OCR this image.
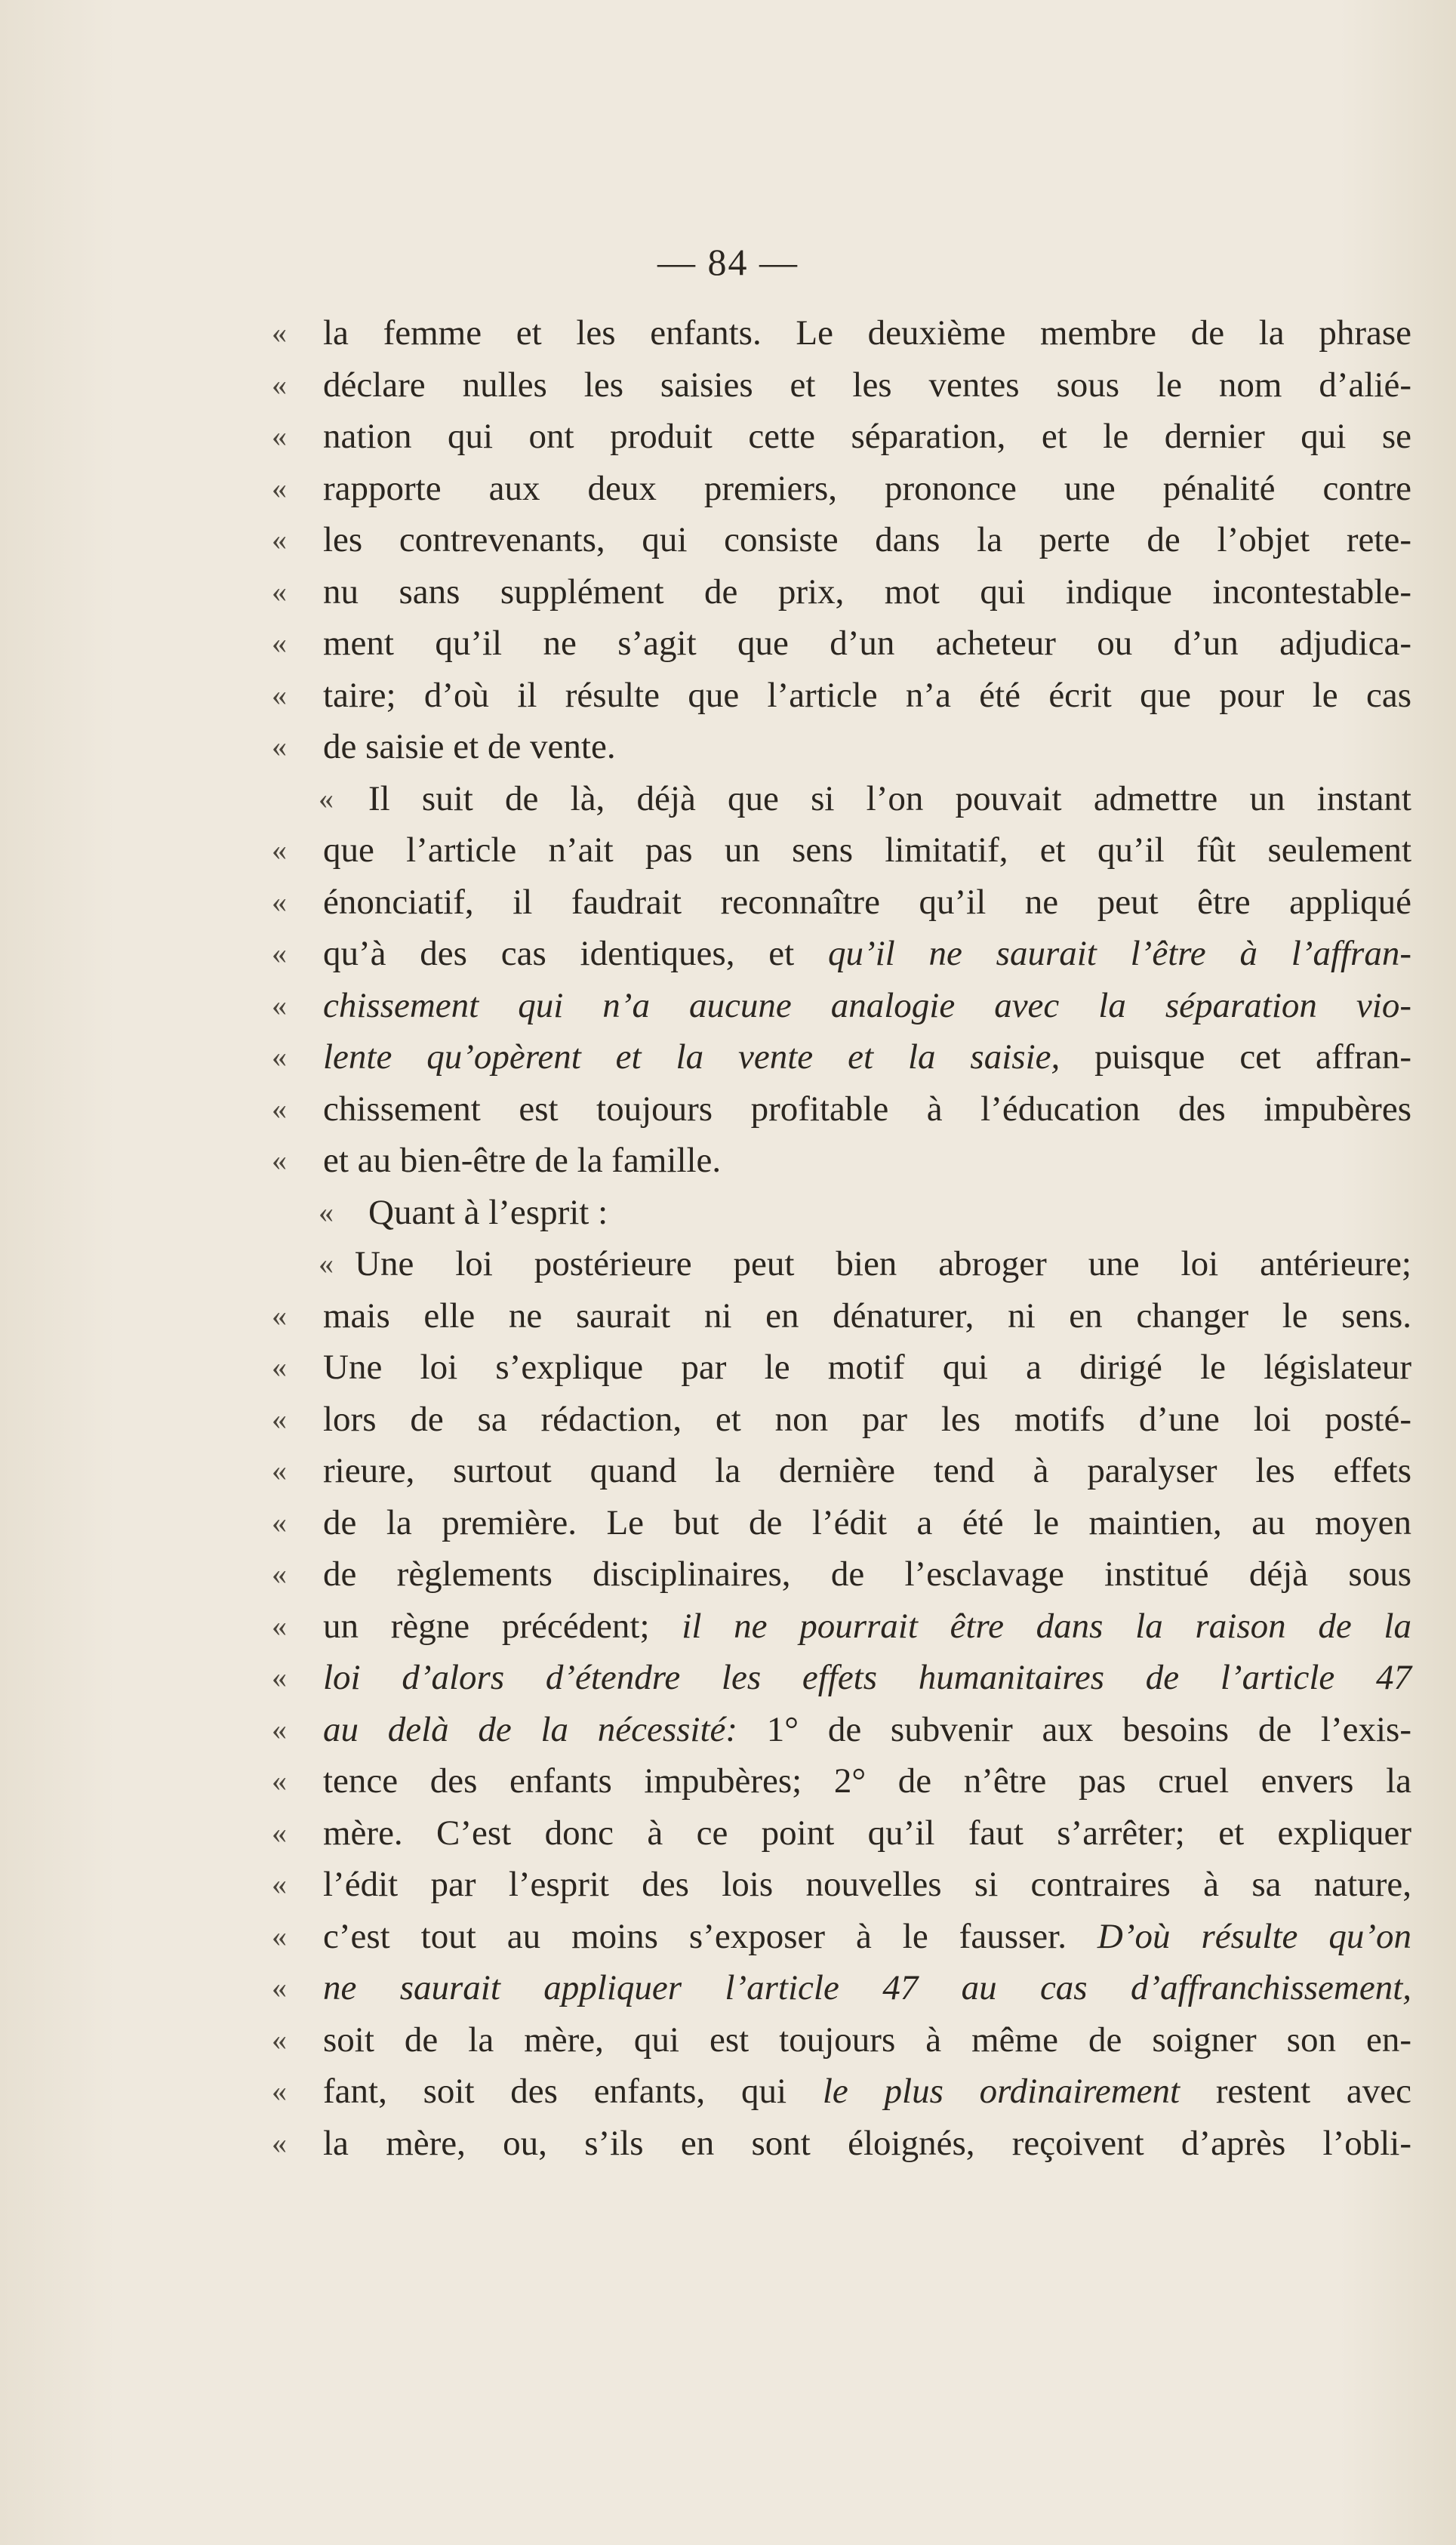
— 84 —
« la femme et les enfants. Le deuxième membre de la phrase
« déclare nulles les saisies et les ventes sous le nom d’alié-
« nation qui ont produit cette séparation, et le dernier qui se
« rapporte aux deux premiers, prononce une pénalité contre
« les contrevenants, qui consiste dans la perte de l’objet rete-
« nu sans supplément de prix, mot qui indique incontestable-
« ment qu’il ne s’agit que d’un acheteur ou d’un adjudica-
« taire; d’où il résulte que l’article n’a été écrit que pour le cas
« de saisie et de vente.
« Il suit de là, déjà que si l’on pouvait admettre un instant
« que l’article n’ait pas un sens limitatif, et qu’il fût seulement
« énonciatif, il faudrait reconnaître qu’il ne peut être appliqué
« qu’à des cas identiques, et qu’il ne saurait l’être à l’affran-
« chissement qui n’a aucune analogie avec la séparation vio-
« lente qu’opèrent et la vente et la saisie, puisque cet affran-
« chissement est toujours profitable à l’éducation des impubères
« et au bien-être de la famille.
« Quant à l’esprit :
« Une loi postérieure peut bien abroger une loi antérieure;
« mais elle ne saurait ni en dénaturer, ni en changer le sens.
« Une loi s’explique par le motif qui a dirigé le législateur
« lors de sa rédaction, et non par les motifs d’une loi posté-
« rieure, surtout quand la dernière tend à paralyser les effets
« de la première. Le but de l’édit a été le maintien, au moyen
« de règlements disciplinaires, de l’esclavage institué déjà sous
« un règne précédent; il ne pourrait être dans la raison de la
« loi d’alors d’étendre les effets humanitaires de l’article 47
« au delà de la nécessité: 1° de subvenir aux besoins de l’exis-
« tence des enfants impubères; 2° de n’être pas cruel envers la
« mère. C’est donc à ce point qu’il faut s’arrêter; et expliquer
« l’édit par l’esprit des lois nouvelles si contraires à sa nature,
« c’est tout au moins s’exposer à le fausser. D’où résulte qu’on
« ne saurait appliquer l’article 47 au cas d’affranchissement,
« soit de la mère, qui est toujours à même de soigner son en-
« fant, soit des enfants, qui le plus ordinairement restent avec
« la mère, ou, s’ils en sont éloignés, reçoivent d’après l’obli-
